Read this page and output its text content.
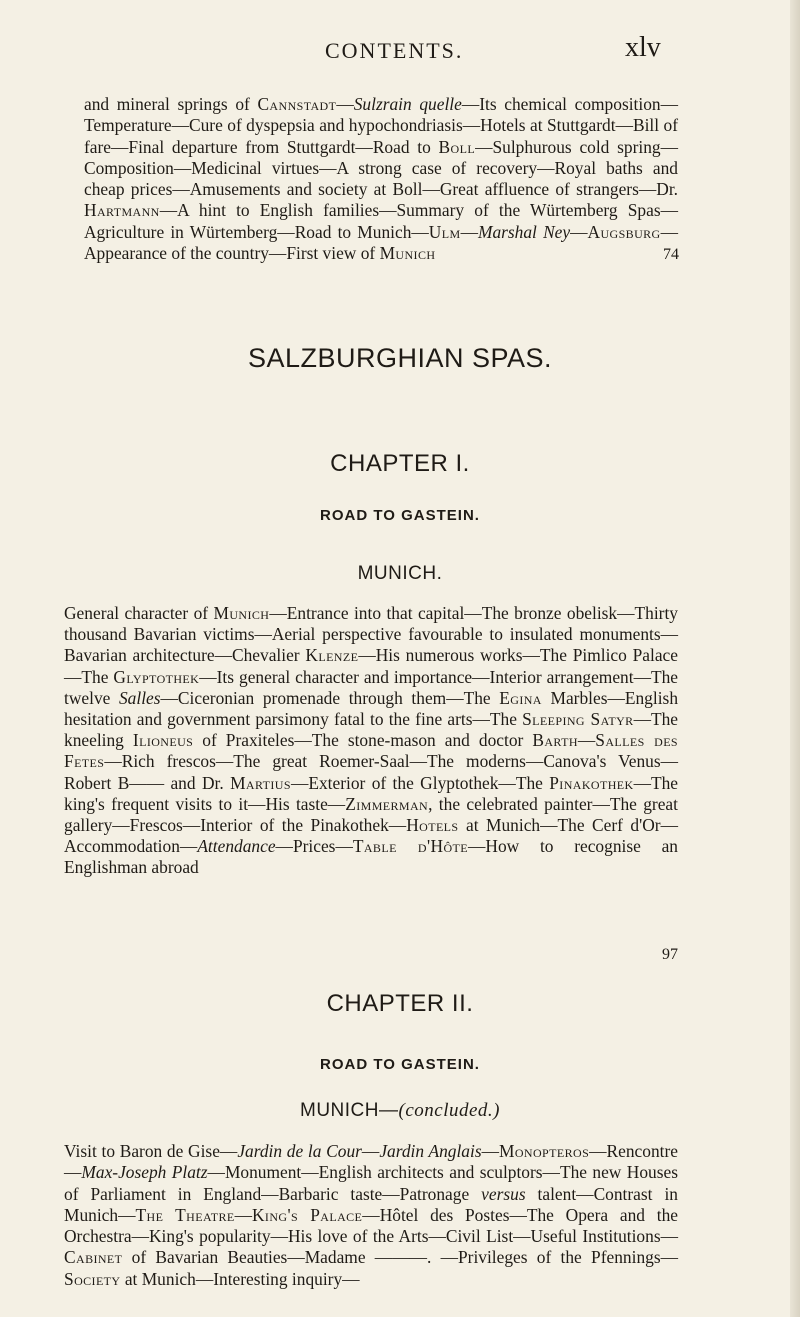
CONTENTS.	xlv

and mineral springs of Cannstadt—Sulzrain quelle—Its chemical composition—Temperature—Cure of dyspepsia and hypochondriasis—Hotels at Stuttgardt—Bill of fare—Final departure from Stuttgardt—Road to Boll—Sulphurous cold spring—Composition—Medicinal virtues—A strong case of recovery—Royal baths and cheap prices—Amusements and society at Boll—Great affluence of strangers—Dr. Hartmann—A hint to English families—Summary of the Würtemberg Spas—Agriculture in Würtemberg—Road to Munich—Ulm—Marshal Ney—Augsburg—Appearance of the country—First view of Munich	74
SALZBURGHIAN SPAS.
CHAPTER I.
ROAD TO GASTEIN.
MUNICH.

General character of Munich—Entrance into that capital—The bronze obelisk—Thirty thousand Bavarian victims—Aerial perspective favourable to insulated monuments—Bavarian architecture—Chevalier Klenze—His numerous works—The Pimlico Palace—The Glyptothek—Its general character and importance—Interior arrangement—The twelve Salles—Ciceronian promenade through them—The Egina Marbles—English hesitation and government parsimony fatal to the fine arts—The Sleeping Satyr—The kneeling Ilioneus of Praxiteles—The stone-mason and doctor Barth—Salles des Fetes—Rich frescos—The great Roemer-Saal—The moderns—Canova's Venus—Robert B—— and Dr. Martius—Exterior of the Glyptothek—The Pinakothek—The king's frequent visits to it—His taste—Zimmerman, the celebrated painter—The great gallery—Frescos—Interior of the Pinakothek—Hotels at Munich—The Cerf d'Or—Accommodation—Attendance—Prices—Table d'Hôte—How to recognise an Englishman abroad

97
CHAPTER II.
ROAD TO GASTEIN.
MUNICH—(concluded.)

Visit to Baron de Gise—Jardin de la Cour—Jardin Anglais—Monopteros—Rencontre—Max-Joseph Platz—Monument—English architects and sculptors—The new Houses of Parliament in England—Barbaric taste—Patronage versus talent—Contrast in Munich—The Theatre—King's Palace—Hôtel des Postes—The Opera and the Orchestra—King's popularity—His love of the Arts—Civil List—Useful Institutions—Cabinet of Bavarian Beauties—Madame ———. —Privileges of the Pfennings—Society at Munich—Interesting inquiry—
